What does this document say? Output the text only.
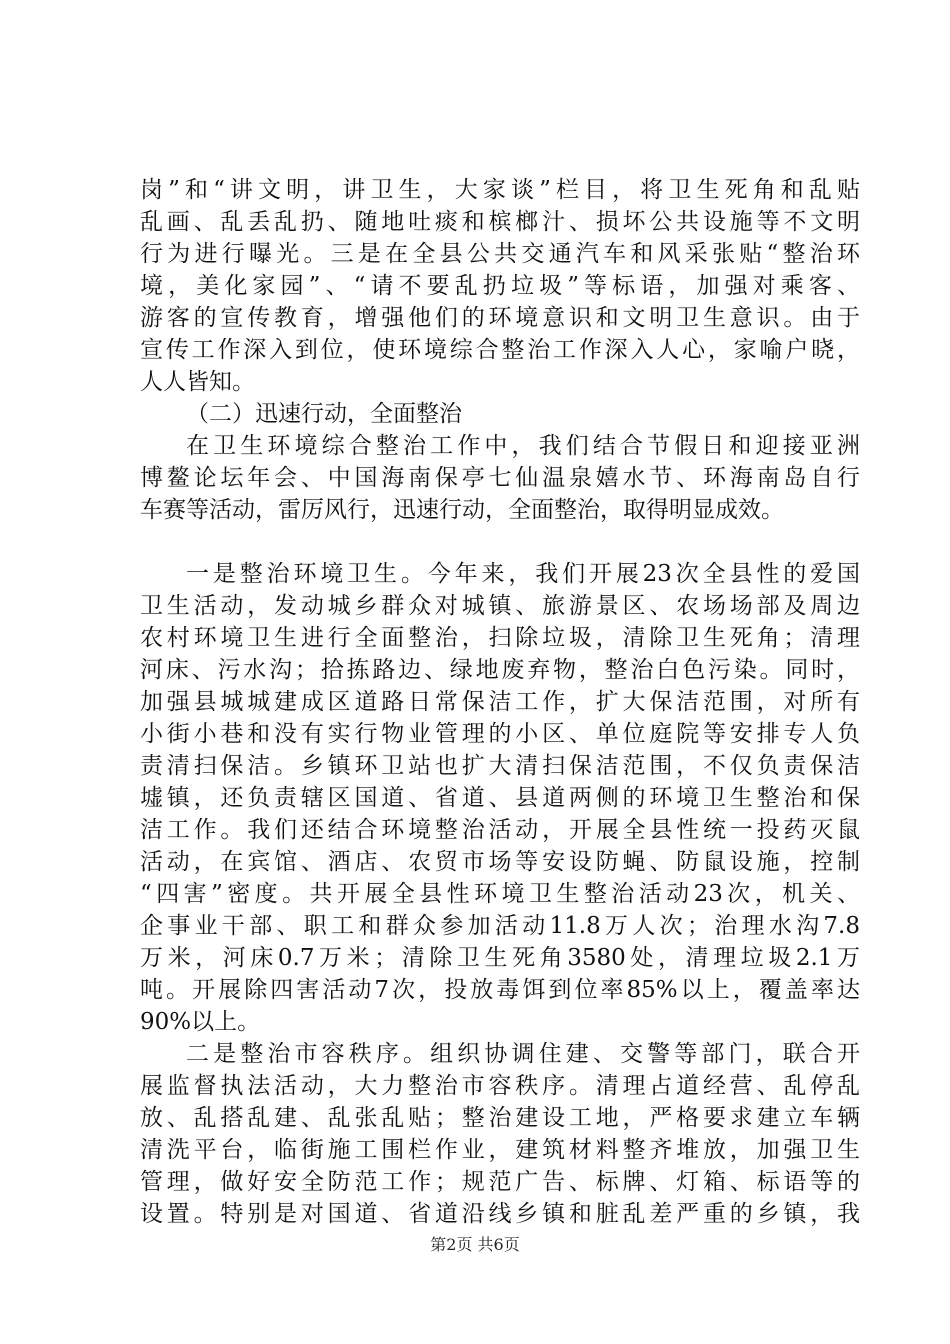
岗”和“讲文明，讲卫生，大家谈”栏目，将卫生死角和乱贴
乱画、乱丢乱扔、随地吐痰和槟榔汁、损坏公共设施等不文明
行为进行曝光。三是在全县公共交通汽车和风采张贴“整治环
境，美化家园”、“请不要乱扔垃圾”等标语，加强对乘客、
游客的宣传教育，增强他们的环境意识和文明卫生意识。由于
宣传工作深入到位，使环境综合整治工作深入人心，家喻户晓，
人人皆知。
（二）迅速行动，全面整治
在卫生环境综合整治工作中，我们结合节假日和迎接亚洲
博鳌论坛年会、中国海南保亭七仙温泉嬉水节、环海南岛自行
车赛等活动，雷厉风行，迅速行动，全面整治，取得明显成效。
一是整治环境卫生。今年来，我们开展23次全县性的爱国
卫生活动，发动城乡群众对城镇、旅游景区、农场场部及周边
农村环境卫生进行全面整治，扫除垃圾，清除卫生死角；清理
河床、污水沟；拾拣路边、绿地废弃物，整治白色污染。同时，
加强县城城建成区道路日常保洁工作，扩大保洁范围，对所有
小街小巷和没有实行物业管理的小区、单位庭院等安排专人负
责清扫保洁。乡镇环卫站也扩大清扫保洁范围，不仅负责保洁
墟镇，还负责辖区国道、省道、县道两侧的环境卫生整治和保
洁工作。我们还结合环境整治活动，开展全县性统一投药灭鼠
活动，在宾馆、酒店、农贸市场等安设防蝇、防鼠设施，控制
“四害”密度。共开展全县性环境卫生整治活动23次，机关、
企事业干部、职工和群众参加活动11.8万人次；治理水沟7.8
万米，河床0.7万米；清除卫生死角3580处，清理垃圾2.1万
吨。开展除四害活动7次，投放毒饵到位率85%以上，覆盖率达
90%以上。
二是整治市容秩序。组织协调住建、交警等部门，联合开
展监督执法活动，大力整治市容秩序。清理占道经营、乱停乱
放、乱搭乱建、乱张乱贴；整治建设工地，严格要求建立车辆
清洗平台，临街施工围栏作业，建筑材料整齐堆放，加强卫生
管理，做好安全防范工作；规范广告、标牌、灯箱、标语等的
设置。特别是对国道、省道沿线乡镇和脏乱差严重的乡镇，我
第2页 共6页
